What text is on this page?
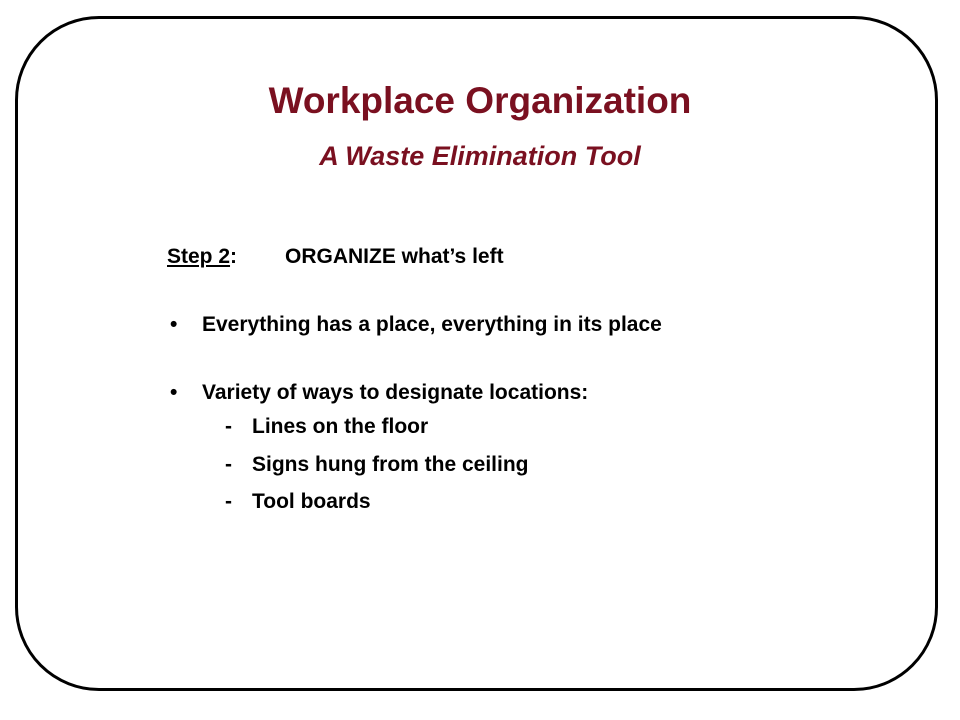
Workplace Organization
A Waste Elimination Tool
Step 2: ORGANIZE what’s left
• Everything has a place, everything in its place
• Variety of ways to designate locations:
- Lines on the floor
- Signs hung from the ceiling
- Tool boards
